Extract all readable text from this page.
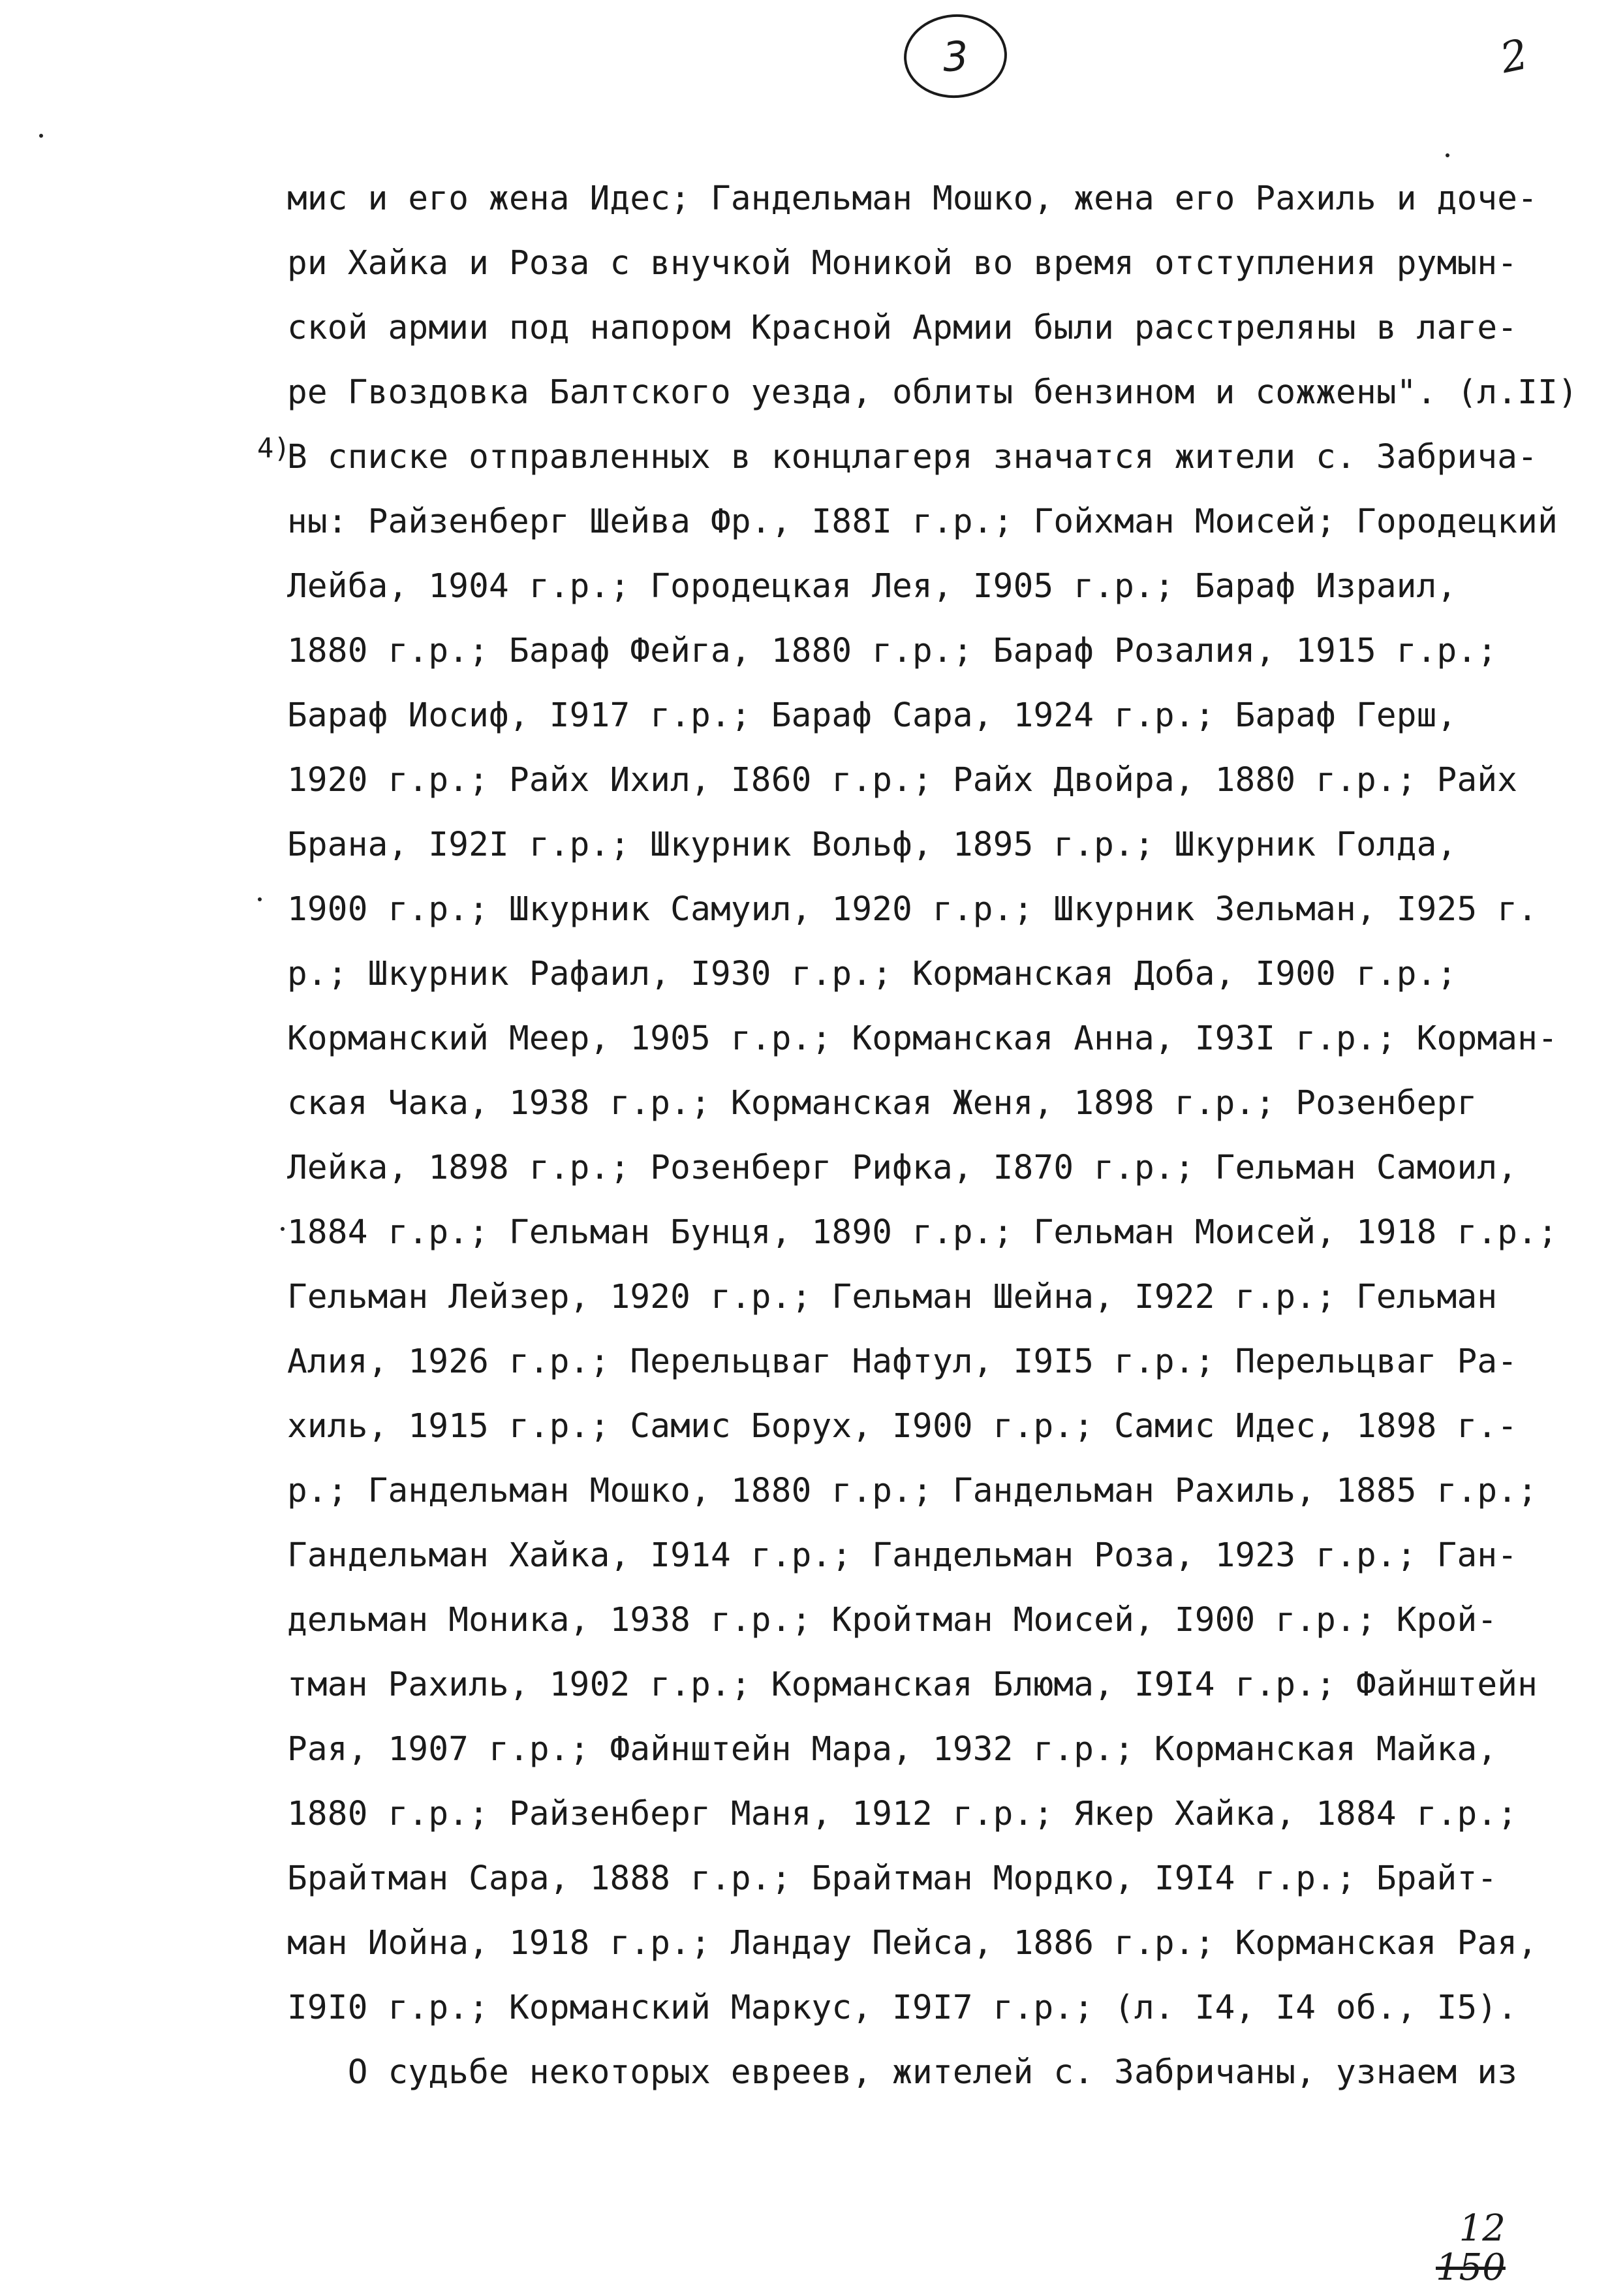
3	2
мис и его жена Идес; Гандельман Мошко, жена его Рахиль и доче-
ри Хайка и Роза с внучкой Моникой во время отступления румын-
ской армии под напором Красной Армии были расстреляны в лаге-
ре Гвоздовка Балтского уезда, облиты бензином и сожжены". (л.II)
4)
В списке отправленных в концлагеря значатся жители с. Забрича-
ны: Райзенберг Шейва Фр., I88I г.р.; Гойхман Моисей; Городецкий
Лейба, 1904 г.р.; Городецкая Лея, I905 г.р.; Бараф Израил,
1880 г.р.; Бараф Фейга, 1880 г.р.; Бараф Розалия, 1915 г.р.;
Бараф Иосиф, I917 г.р.; Бараф Сара, 1924 г.р.; Бараф Герш,
1920 г.р.; Райх Ихил, I860 г.р.; Райх Двойра, 1880 г.р.; Райх
Брана, I92I г.р.; Шкурник Вольф, 1895 г.р.; Шкурник Голда,
1900 г.р.; Шкурник Самуил, 1920 г.р.; Шкурник Зельман, I925 г.
р.; Шкурник Рафаил, I930 г.р.; Корманская Доба, I900 г.р.;
Корманский Меер, 1905 г.р.; Корманская Анна, I93I г.р.; Корман-
ская Чака, 1938 г.р.; Корманская Женя, 1898 г.р.; Розенберг
Лейка, 1898 г.р.; Розенберг Рифка, I870 г.р.; Гельман Самоил,
1884 г.р.; Гельман Бунця, 1890 г.р.; Гельман Моисей, 1918 г.р.;
Гельман Лейзер, 1920 г.р.; Гельман Шейна, I922 г.р.; Гельман
Алия, 1926 г.р.; Перельцваг Нафтул, I9I5 г.р.; Перельцваг Ра-
хиль, 1915 г.р.; Самис Борух, I900 г.р.; Самис Идес, 1898 г.-
р.; Гандельман Мошко, 1880 г.р.; Гандельман Рахиль, 1885 г.р.;
Гандельман Хайка, I914 г.р.; Гандельман Роза, 1923 г.р.; Ган-
дельман Моника, 1938 г.р.; Кройтман Моисей, I900 г.р.; Крой-
тман Рахиль, 1902 г.р.; Корманская Блюма, I9I4 г.р.; Файнштейн
Рая, 1907 г.р.; Файнштейн Мара, 1932 г.р.; Корманская Майка,
1880 г.р.; Райзенберг Маня, 1912 г.р.; Якер Хайка, 1884 г.р.;
Брайтман Сара, 1888 г.р.; Брайтман Мордко, I9I4 г.р.; Брайт-
ман Иойна, 1918 г.р.; Ландау Пейса, 1886 г.р.; Корманская Рая,
I9I0 г.р.; Корманский Маркус, I9I7 г.р.; (л. I4, I4 об., I5).
О судьбе некоторых евреев, жителей с. Забричаны, узнаем из
12
150
